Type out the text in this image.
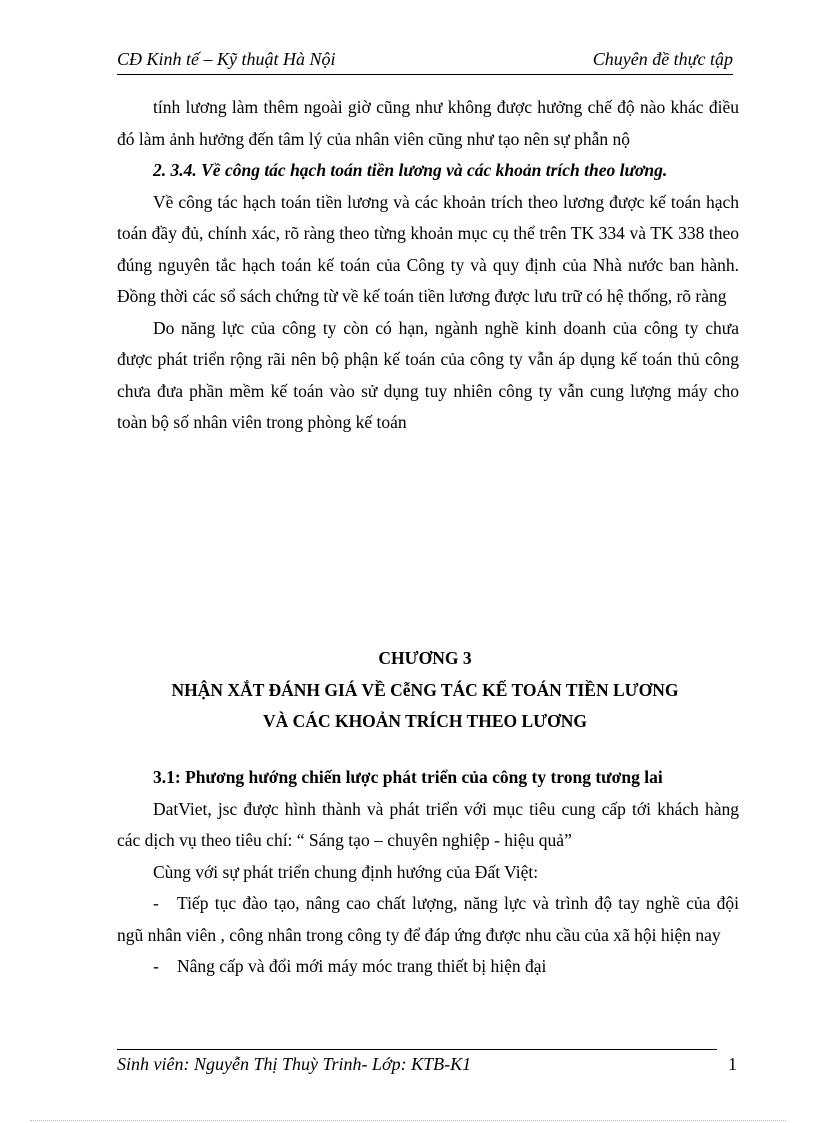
CĐ Kinh tế – Kỹ thuật Hà Nội	Chuyên đề thực tập

tính lương làm thêm ngoài giờ cũng như không được hưởng chế độ nào khác điều đó làm ảnh hưởng đến tâm lý của nhân viên cũng như tạo nên sự phẫn nộ

2. 3.4. Về công tác hạch toán tiền lương và các khoản trích theo lương.

Về công tác hạch toán tiền lương và các khoản trích theo lương được kế toán hạch toán đầy đủ, chính xác, rõ ràng theo từng khoản mục cụ thể trên TK 334 và TK 338 theo đúng nguyên tắc hạch toán kế toán của Công ty và quy định của Nhà nước ban hành. Đồng thời các sổ sách chứng từ về kế toán tiền lương được lưu trữ có hệ thống, rõ ràng

Do năng lực của công ty còn có hạn, ngành nghề kinh doanh của công ty chưa được phát triển rộng rãi nên bộ phận kế toán của công ty vẫn áp dụng kế toán thủ công chưa đưa phần mềm kế toán vào sử dụng tuy nhiên công ty vẫn cung lượng máy cho toàn bộ số nhân viên trong phòng kế toán

CHƯƠNG 3
NHẬN XẮT ĐÁNH GIÁ VỀ CễNG TÁC KẾ TOÁN TIỀN LƯƠNG
VÀ CÁC KHOẢN TRÍCH THEO LƯƠNG
3.1: Phương hướng chiến lược phát triển của công ty trong tương lai

DatViet, jsc được hình thành và phát triển với mục tiêu cung cấp tới khách hàng các dịch vụ theo tiêu chí: “ Sáng tạo – chuyên nghiệp - hiệu quả”

Cùng với sự phát triển chung định hướng của Đất Việt:

- Tiếp tục đào tạo, nâng cao chất lượng, năng lực và trình độ tay nghề của đội ngũ nhân viên , công nhân trong công ty để đáp ứng được nhu cầu của xã hội hiện nay

- Nâng cấp và đổi mới máy móc trang thiết bị hiện đại

Sinh viên: Nguyễn Thị Thuỳ Trinh- Lớp: KTB-K1	1
